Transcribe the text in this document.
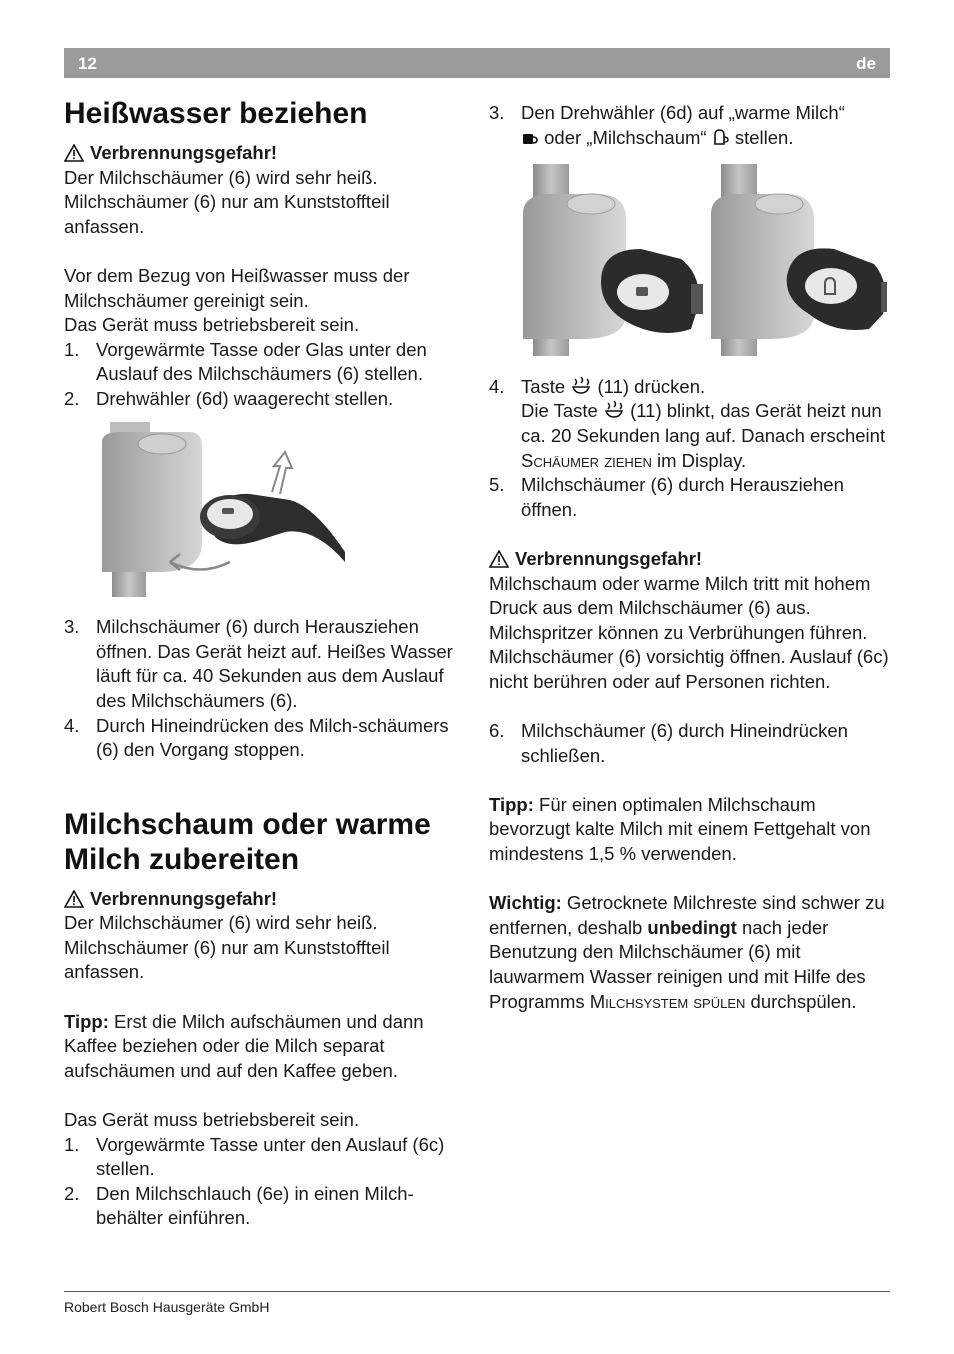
12	de
Heißwasser beziehen

Verbrennungsgefahr!

Der Milchschäumer (6) wird sehr heiß. Milchschäumer (6) nur am Kunststoffteil anfassen.

Vor dem Bezug von Heißwasser muss der Milchschäumer gereinigt sein.

Das Gerät muss betriebsbereit sein.

1. Vorgewärmte Tasse oder Glas unter den Auslauf des Milchschäumers (6) stellen.
2. Drehwähler (6d) waagerecht stellen.
3. Milchschäumer (6) durch Herausziehen öffnen. Das Gerät heizt auf. Heißes Wasser läuft für ca. 40 Sekunden aus dem Auslauf des Milchschäumers (6).
4. Durch Hineindrücken des Milch-schäumers (6) den Vorgang stoppen.
Milchschaum oder warme Milch zubereiten

Verbrennungsgefahr!

Der Milchschäumer (6) wird sehr heiß. Milchschäumer (6) nur am Kunststoffteil anfassen.

Tipp: Erst die Milch aufschäumen und dann Kaffee beziehen oder die Milch separat aufschäumen und auf den Kaffee geben.

Das Gerät muss betriebsbereit sein.

1. Vorgewärmte Tasse unter den Auslauf (6c) stellen.
2. Den Milchschlauch (6e) in einen Milch-behälter einführen.
3. Den Drehwähler (6d) auf „warme Milch“
oder „Milchschaum“  stellen.
4. Taste  (11) drücken.
Die Taste  (11) blinkt, das Gerät heizt nun ca. 20 Sekunden lang auf. Danach erscheint Schäumer ziehen im Display.
5. Milchschäumer (6) durch Herausziehen öffnen.

Verbrennungsgefahr!

Milchschaum oder warme Milch tritt mit hohem Druck aus dem Milchschäumer (6) aus. Milchspritzer können zu Verbrühungen führen. Milchschäumer (6) vorsichtig öffnen. Auslauf (6c) nicht berühren oder auf Personen richten.

6. Milchschäumer (6) durch Hineindrücken schließen.

Tipp: Für einen optimalen Milchschaum bevorzugt kalte Milch mit einem Fettgehalt von mindestens 1,5 % verwenden.

Wichtig: Getrocknete Milchreste sind schwer zu entfernen, deshalb unbedingt nach jeder Benutzung den Milchschäumer (6) mit lauwarmem Wasser reinigen und mit Hilfe des Programms Milchsystem spülen durchspülen.

Robert Bosch Hausgeräte GmbH
